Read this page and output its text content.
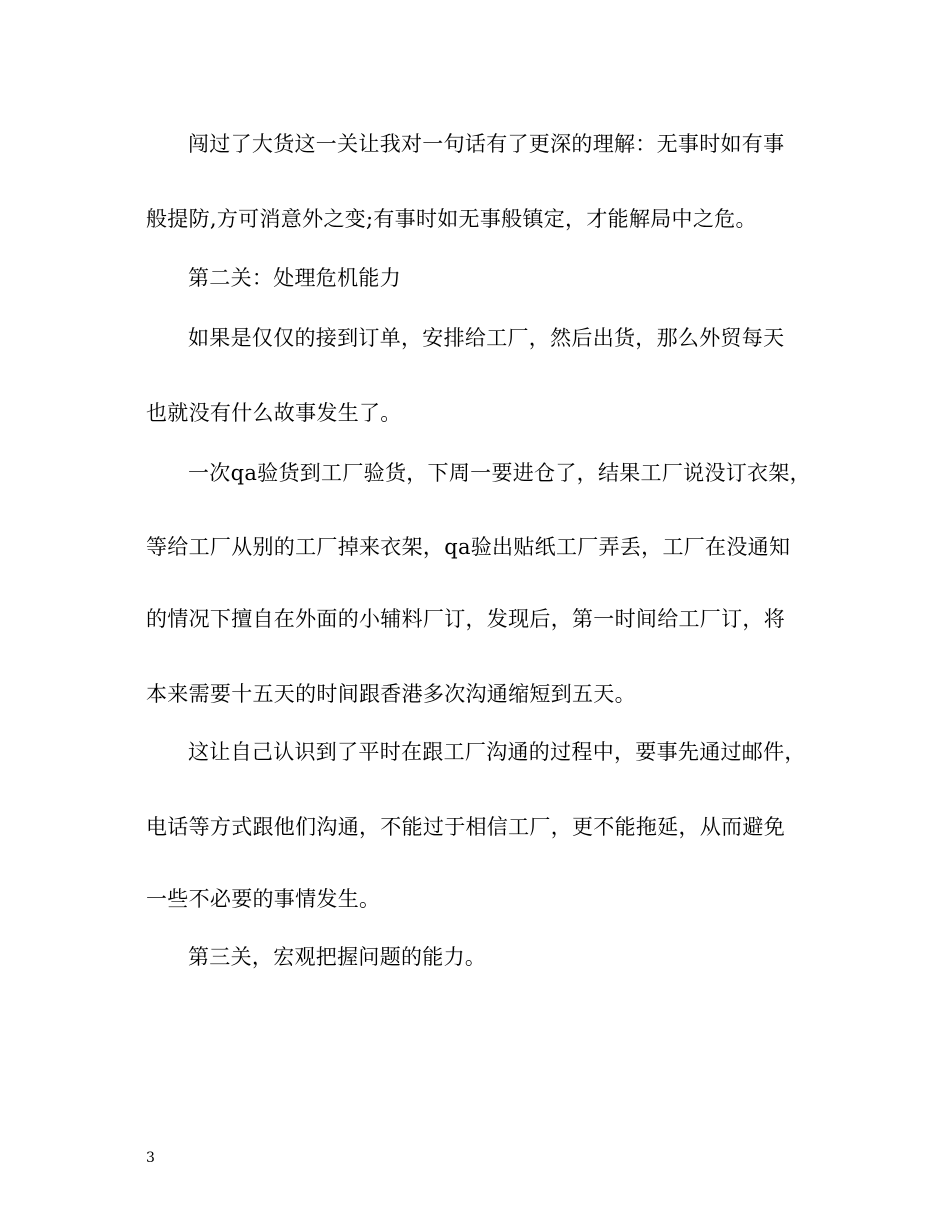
闯过了大货这一关让我对一句话有了更深的理解：无事时如有事
般提防,方可消意外之变;有事时如无事般镇定，才能解局中之危。
第二关：处理危机能力
如果是仅仅的接到订单，安排给工厂，然后出货，那么外贸每天
也就没有什么故事发生了。
一次qa验货到工厂验货，下周一要进仓了，结果工厂说没订衣架，
等给工厂从别的工厂掉来衣架，qa验出贴纸工厂弄丢，工厂在没通知
的情况下擅自在外面的小辅料厂订，发现后，第一时间给工厂订，将
本来需要十五天的时间跟香港多次沟通缩短到五天。
这让自己认识到了平时在跟工厂沟通的过程中，要事先通过邮件，
电话等方式跟他们沟通，不能过于相信工厂，更不能拖延，从而避免
一些不必要的事情发生。
第三关，宏观把握问题的能力。
3
